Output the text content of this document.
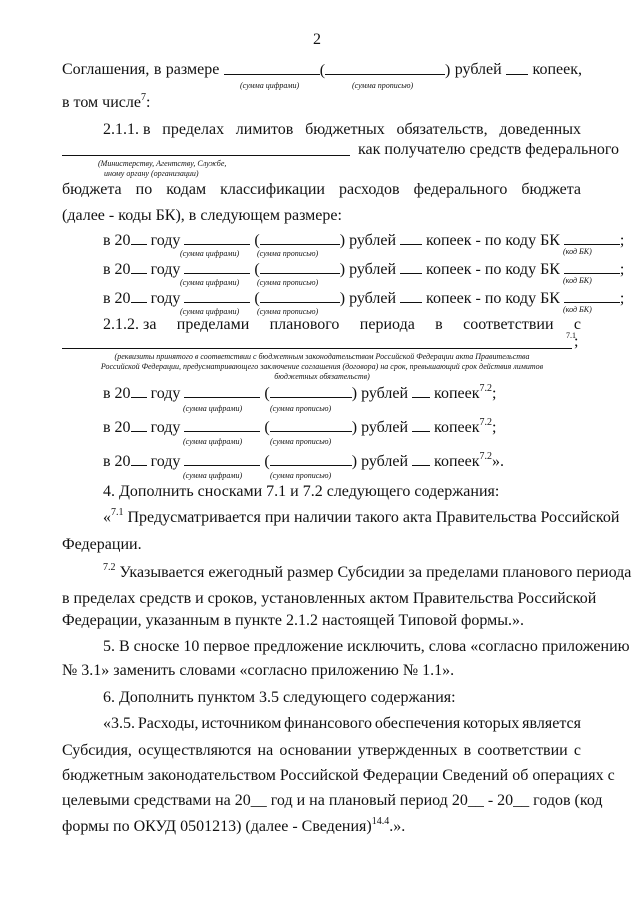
2
Соглашения, в размере	(	) рублей копеек,
(сумма цифрами)	(сумма прописью)
в том числе$^7$:
2.1.1. в пределах лимитов бюджетных обязательств, доведенных
как получателю средств федерального
(Министерству, Агентству, Службе,
иному органу (организации)
бюджета по кодам классификации расходов федерального бюджета
(далее - коды БК), в следующем размере:
в 20 году	(	) рублей копеек - по коду БК	;
(сумма цифрами) (сумма прописью)	(код БК)
в 20 году	(	) рублей копеек - по коду БК	;
(сумма цифрами) (сумма прописью)	(код БК)
в 20 году	(	) рублей копеек - по коду БК	;
(сумма цифрами) (сумма прописью)	(код БК)
2.1.2. за пределами планового периода в соответствии с
7.1
;
(реквизиты принятого в соответствии с бюджетным законодательством Российской Федерации акта Правительства
Российской Федерации, предусматривающего заключение соглашения (договора) на срок, превышающий срок действия лимитов
бюджетных обязательств)
в 20 году	(	) рублей копеек$^{7.2}$;
(сумма цифрами)	(сумма прописью)
в 20 году	(	) рублей копеек$^{7.2}$;
(сумма цифрами)	(сумма прописью)
в 20 году	(	) рублей копеек$^{7.2}$».
(сумма цифрами)	(сумма прописью)
4. Дополнить сносками 7.1 и 7.2 следующего содержания:
«$^{7.1}$ Предусматривается при наличии такого акта Правительства Российской
Федерации.
$^{7.2}$ Указывается ежегодный размер Субсидии за пределами планового периода
в пределах средств и сроков, установленных актом Правительства Российской
Федерации, указанным в пункте 2.1.2 настоящей Типовой формы.».
5. В сноске 10 первое предложение исключить, слова «согласно приложению
№ 3.1» заменить словами «согласно приложению № 1.1».
6. Дополнить пунктом 3.5 следующего содержания:
«3.5. Расходы, источником финансового обеспечения которых является
Субсидия, осуществляются на основании утвержденных в соответствии с
бюджетным законодательством Российской Федерации Сведений об операциях с
целевыми средствами на 20__ год и на плановый период 20__ - 20__ годов (код
формы по ОКУД 0501213) (далее - Сведения)$^{14.4}$.».
